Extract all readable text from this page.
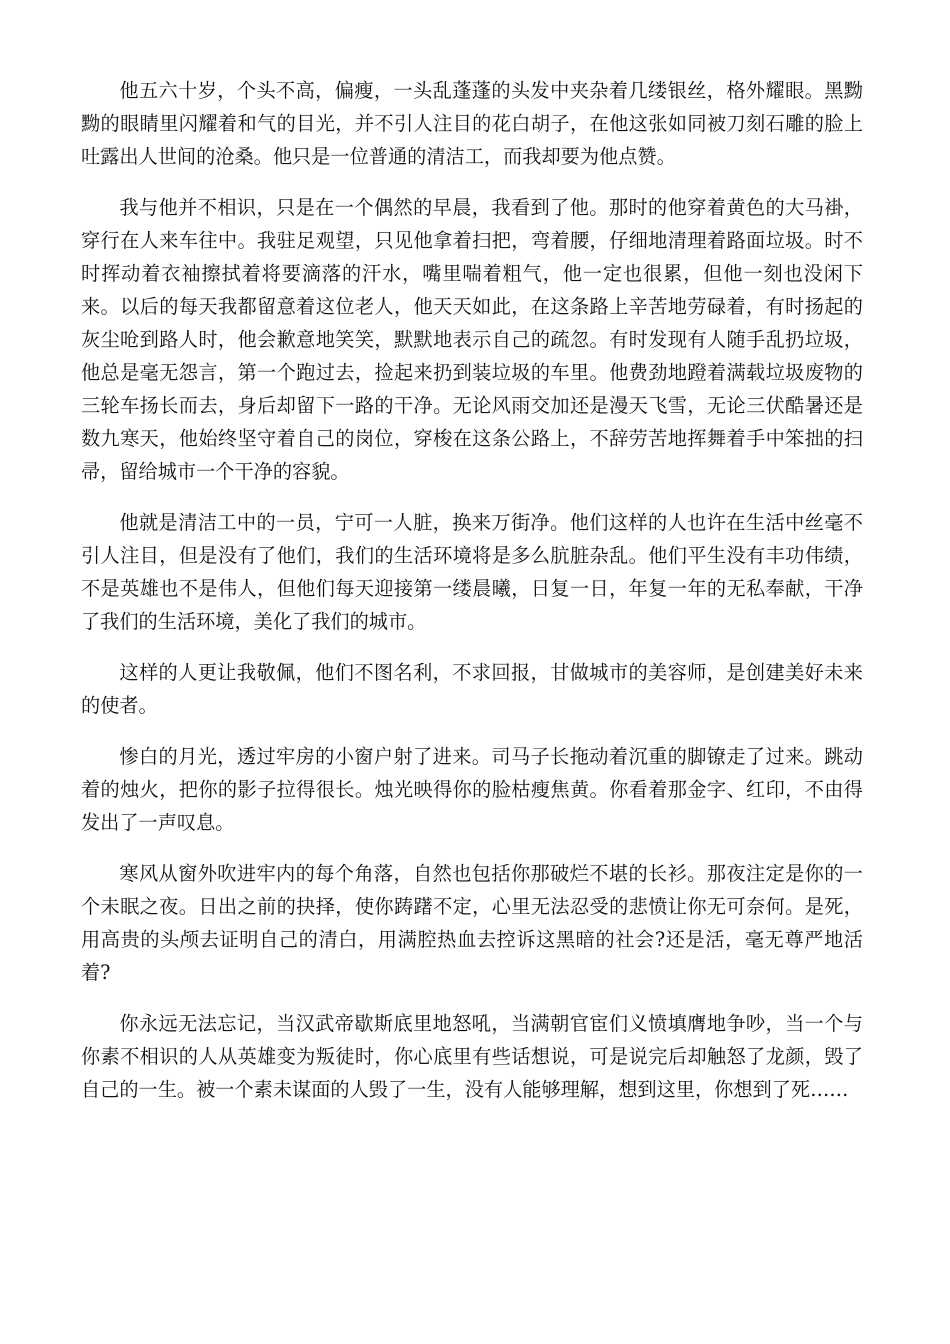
他五六十岁，个头不高，偏瘦，一头乱蓬蓬的头发中夹杂着几缕银丝，格外耀眼。黑黝黝的眼睛里闪耀着和气的目光，并不引人注目的花白胡子，在他这张如同被刀刻石雕的脸上吐露出人世间的沧桑。他只是一位普通的清洁工，而我却要为他点赞。

我与他并不相识，只是在一个偶然的早晨，我看到了他。那时的他穿着黄色的大马褂，穿行在人来车往中。我驻足观望，只见他拿着扫把，弯着腰，仔细地清理着路面垃圾。时不时挥动着衣袖擦拭着将要滴落的汗水，嘴里喘着粗气，他一定也很累，但他一刻也没闲下来。以后的每天我都留意着这位老人，他天天如此，在这条路上辛苦地劳碌着，有时扬起的灰尘呛到路人时，他会歉意地笑笑，默默地表示自己的疏忽。有时发现有人随手乱扔垃圾，他总是毫无怨言，第一个跑过去，捡起来扔到装垃圾的车里。他费劲地蹬着满载垃圾废物的三轮车扬长而去，身后却留下一路的干净。无论风雨交加还是漫天飞雪，无论三伏酷暑还是数九寒天，他始终坚守着自己的岗位，穿梭在这条公路上，不辞劳苦地挥舞着手中笨拙的扫帚，留给城市一个干净的容貌。

他就是清洁工中的一员，宁可一人脏，换来万街净。他们这样的人也许在生活中丝毫不引人注目，但是没有了他们，我们的生活环境将是多么肮脏杂乱。他们平生没有丰功伟绩，不是英雄也不是伟人，但他们每天迎接第一缕晨曦，日复一日，年复一年的无私奉献，干净了我们的生活环境，美化了我们的城市。

这样的人更让我敬佩，他们不图名利，不求回报，甘做城市的美容师，是创建美好未来的使者。

惨白的月光，透过牢房的小窗户射了进来。司马子长拖动着沉重的脚镣走了过来。跳动着的烛火，把你的影子拉得很长。烛光映得你的脸枯瘦焦黄。你看着那金字、红印，不由得发出了一声叹息。

寒风从窗外吹进牢内的每个角落，自然也包括你那破烂不堪的长衫。那夜注定是你的一个未眠之夜。日出之前的抉择，使你踌躇不定，心里无法忍受的悲愤让你无可奈何。是死，用高贵的头颅去证明自己的清白，用满腔热血去控诉这黑暗的社会?还是活，毫无尊严地活着?

你永远无法忘记，当汉武帝歇斯底里地怒吼，当满朝官宦们义愤填膺地争吵，当一个与你素不相识的人从英雄变为叛徒时，你心底里有些话想说，可是说完后却触怒了龙颜，毁了自己的一生。被一个素未谋面的人毁了一生，没有人能够理解，想到这里，你想到了死……
